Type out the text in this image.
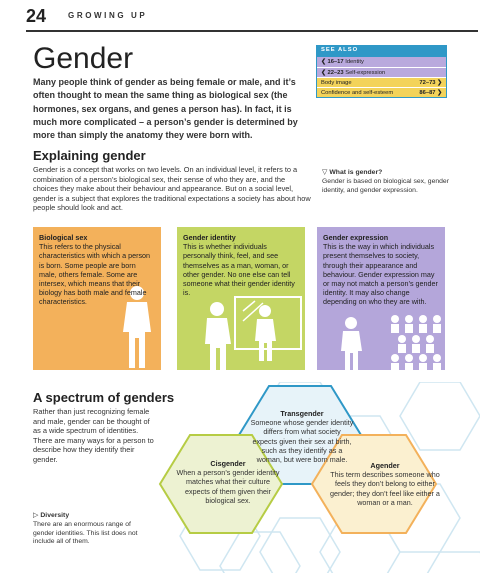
24	GROWING UP
Gender

Many people think of gender as being female or male, and it’s often thought to mean the same thing as biological sex (the hormones, sex organs, and genes a person has). In fact, it is much more complicated – a person’s gender is determined by more than simply the anatomy they were born with.

SEE ALSO
❮ 16–17 Identity
❮ 22–23 Self-expression
Body image	72–73 ❯
Confidence and self-esteem	86–87 ❯
Explaining gender

Gender is a concept that works on two levels. On an individual level, it refers to a combination of a person’s biological sex, their sense of who they are, and the choices they make about their behaviour and appearance. But on a social level, gender is a subject that explores the traditional expectations a society has about how people should look and act.

▽ What is gender?
Gender is based on biological sex, gender identity, and gender expression.
Biological sex
This refers to the physical characteristics with which a person is born. Some people are born male, others female. Some are intersex, which means that their biology has both male and female characteristics.
Gender identity
This is whether individuals personally think, feel, and see themselves as a man, woman, or other gender. No one else can tell someone what their gender identity is.
Gender expression
This is the way in which individuals present themselves to society, through their appearance and behaviour. Gender expression may or may not match a person’s gender identity. It may also change depending on who they are with.
A spectrum of genders

Rather than just recognizing female and male, gender can be thought of as a wide spectrum of identities. There are many ways for a person to describe how they identify their gender.

▷ Diversity
There are an enormous range of gender identities. This list does not include all of them.
Transgender
Someone whose gender identity differs from what society expects given their sex at birth, such as they identify as a woman, but were born male.
Cisgender
When a person’s gender identity matches what their culture expects of them given their biological sex.
Agender
This term describes someone who feels they don’t belong to either gender; they don’t feel like either a woman or a man.
